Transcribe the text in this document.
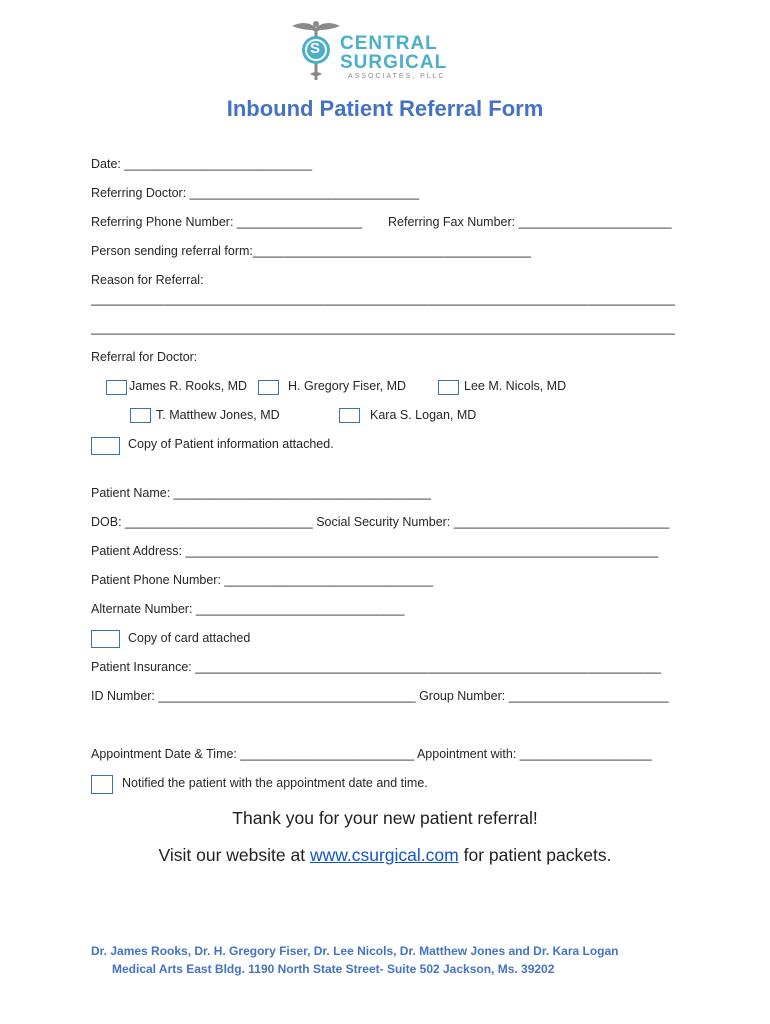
S CENTRAL
SURGICAL
ASSOCIATES, PLLC
Inbound Patient Referral Form
Date: ___________________________
Referring Doctor: _________________________________
Referring Phone Number: __________________ Referring Fax Number: ______________________
Person sending referral form:________________________________________
Reason for Referral:
____________________________________________________________________________________
____________________________________________________________________________________
Referral for Doctor:
James R. Rooks, MD	H. Gregory Fiser, MD	Lee M. Nicols, MD
T. Matthew Jones, MD	Kara S. Logan, MD
Copy of Patient information attached.
Patient Name: _____________________________________
DOB: ___________________________ Social Security Number: _______________________________
Patient Address: ____________________________________________________________________
Patient Phone Number: ______________________________
Alternate Number: ______________________________
Copy of card attached
Patient Insurance: ___________________________________________________________________
ID Number: _____________________________________ Group Number: _______________________
Appointment Date & Time: _________________________ Appointment with: ___________________
Notified the patient with the appointment date and time.
Thank you for your new patient referral!
Visit our website at www.csurgical.com for patient packets.
Dr. James Rooks, Dr. H. Gregory Fiser, Dr. Lee Nicols, Dr. Matthew Jones and Dr. Kara Logan
Medical Arts East Bldg. 1190 North State Street- Suite 502 Jackson, Ms. 39202
